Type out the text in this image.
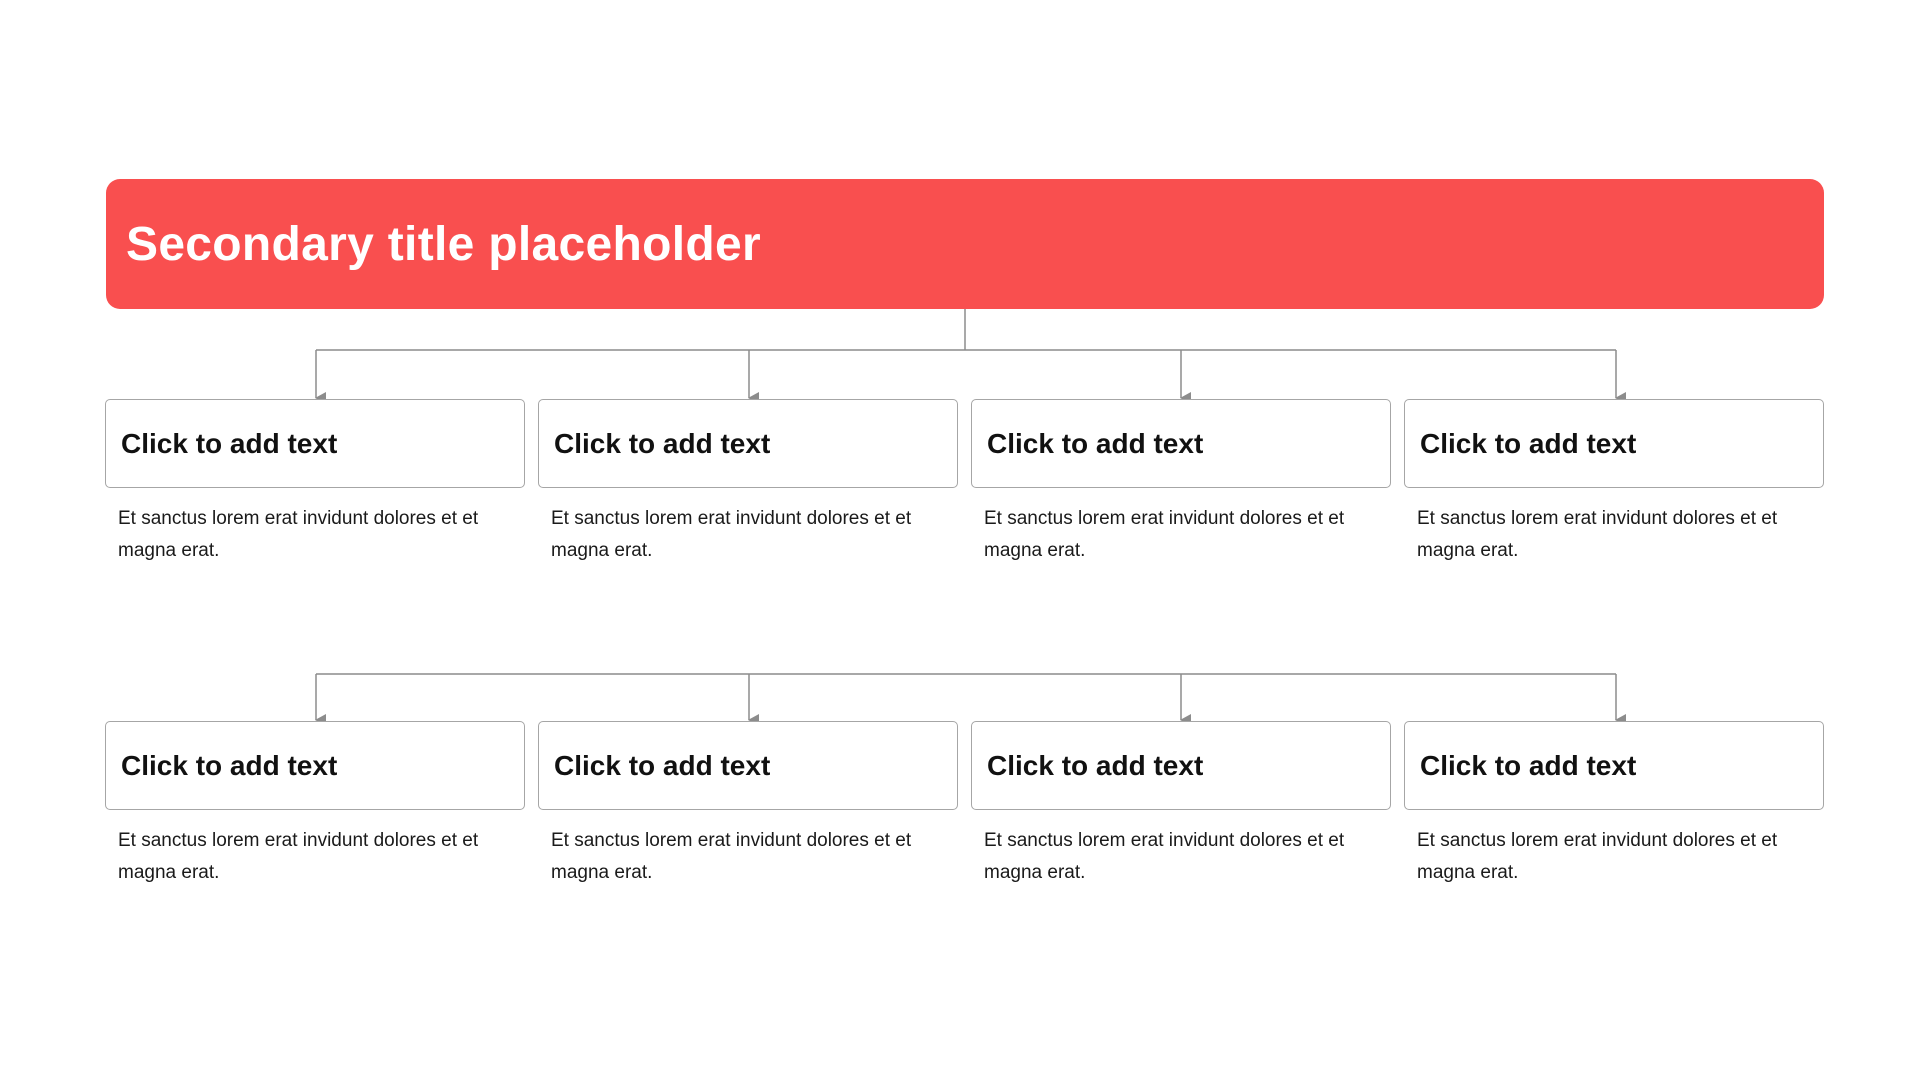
Secondary title placeholder
Click to add text
Et sanctus lorem erat invidunt dolores et et magna erat.
Click to add text
Et sanctus lorem erat invidunt dolores et et magna erat.
Click to add text
Et sanctus lorem erat invidunt dolores et et magna erat.
Click to add text
Et sanctus lorem erat invidunt dolores et et magna erat.
Click to add text
Et sanctus lorem erat invidunt dolores et et magna erat.
Click to add text
Et sanctus lorem erat invidunt dolores et et magna erat.
Click to add text
Et sanctus lorem erat invidunt dolores et et magna erat.
Click to add text
Et sanctus lorem erat invidunt dolores et et magna erat.
